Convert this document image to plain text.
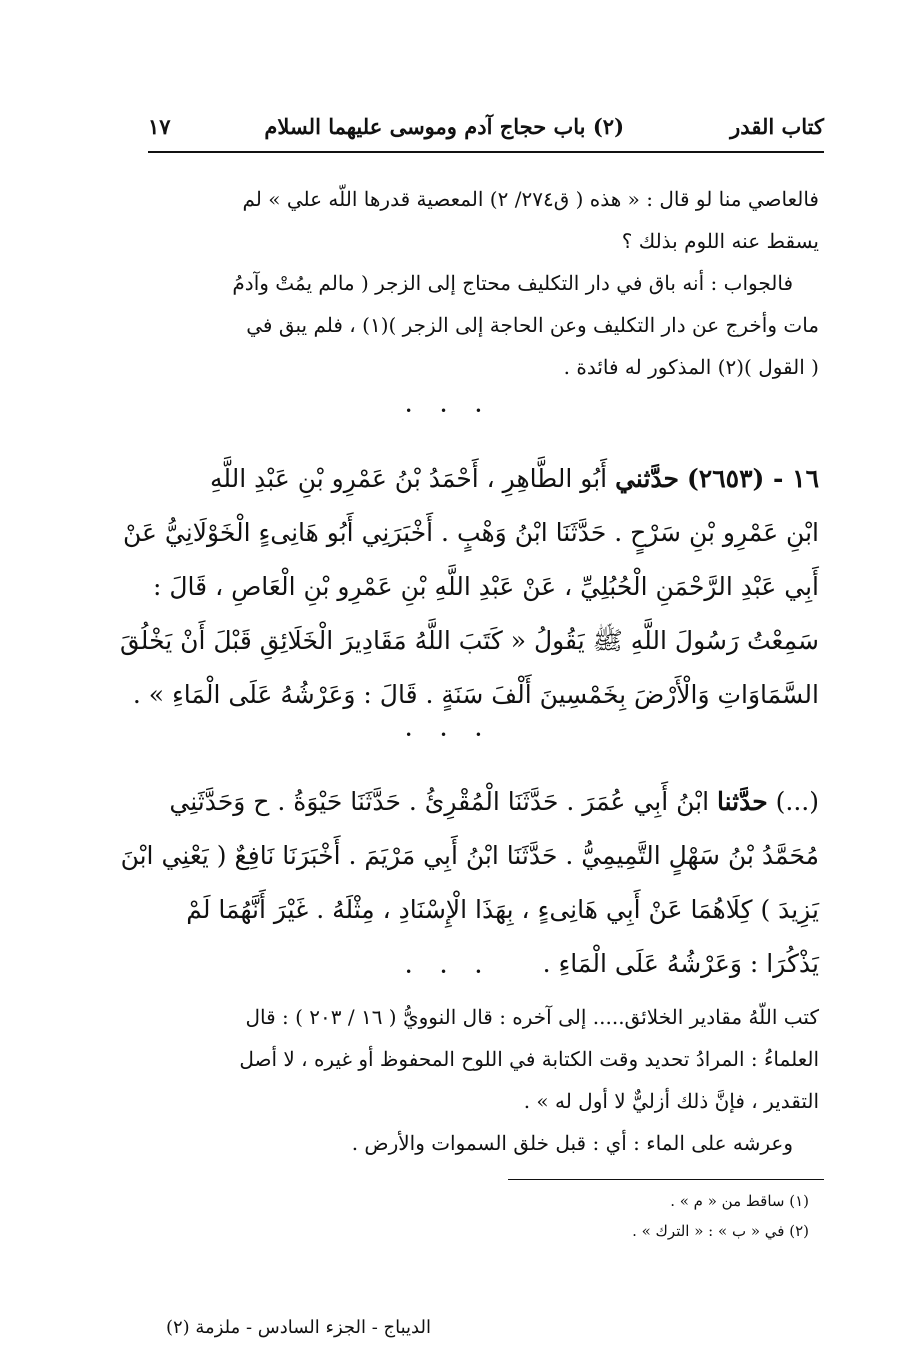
كتاب القدر
(٢) باب حجاج آدم وموسى عليهما السلام
١٧
فالعاصي منا لو قال : « هذه ( ق٢٧٤/ ٢) المعصية قدرها اللّه علي » لم
يسقط عنه اللوم بذلك ؟
فالجواب : أنه باق في دار التكليف محتاج إلى الزجر ( مالم يمُتْ وآدمُ
مات وأخرج عن دار التكليف وعن الحاجة إلى الزجر )(١) ، فلم يبق في
( القول )(٢) المذكور له فائدة .
• • •
١٦ - (٢٦٥٣) حدَّثني أَبُو الطَّاهِرِ ، أَحْمَدُ بْنُ عَمْرِو بْنِ عَبْدِ اللَّهِ
ابْنِ عَمْرِو بْنِ سَرْحٍ . حَدَّثَنَا ابْنُ وَهْبٍ . أَخْبَرَنِي أَبُو هَانِىءٍ الْخَوْلَانِيُّ عَنْ
أَبِي عَبْدِ الرَّحْمَنِ الْحُبُلِيِّ ، عَنْ عَبْدِ اللَّهِ بْنِ عَمْرِو بْنِ الْعَاصِ ، قَالَ :
سَمِعْتُ رَسُولَ اللَّهِ ﷺ يَقُولُ « كَتَبَ اللَّهُ مَقَادِيرَ الْخَلَائِقِ قَبْلَ أَنْ يَخْلُقَ
السَّمَاوَاتِ وَالْأَرْضَ بِخَمْسِينَ أَلْفَ سَنَةٍ . قَالَ : وَعَرْشُهُ عَلَى الْمَاءِ » .
• • •
(...) حدَّثنا ابْنُ أَبِي عُمَرَ . حَدَّثَنَا الْمُقْرِئُ . حَدَّثَنَا حَيْوَةُ . ح وَحَدَّثَنِي
مُحَمَّدُ بْنُ سَهْلٍ التَّمِيمِيُّ . حَدَّثَنَا ابْنُ أَبِي مَرْيَمَ . أَخْبَرَنَا نَافِعٌ ( يَعْنِي ابْنَ
يَزِيدَ ) كِلَاهُمَا عَنْ أَبِي هَانِىءٍ ، بِهَذَا الْإِسْنَادِ ، مِثْلَهُ . غَيْرَ أَنَّهُمَا لَمْ
يَذْكُرَا : وَعَرْشُهُ عَلَى الْمَاءِ .
• • •
كتب اللّهُ مقادير الخلائق..... إلى آخره : قال النوويُّ ( ١٦ / ٢٠٣ ) : قال
العلماءُ : المرادُ تحديد وقت الكتابة في اللوح المحفوظ أو غيره ، لا أصل
التقدير ، فإنَّ ذلك أزليٌّ لا أول له » .
وعرشه على الماء : أي : قبل خلق السموات والأرض .
(١) ساقط من « م » .
(٢) في « ب » : « الترك » .
الديباج - الجزء السادس - ملزمة (٢)
